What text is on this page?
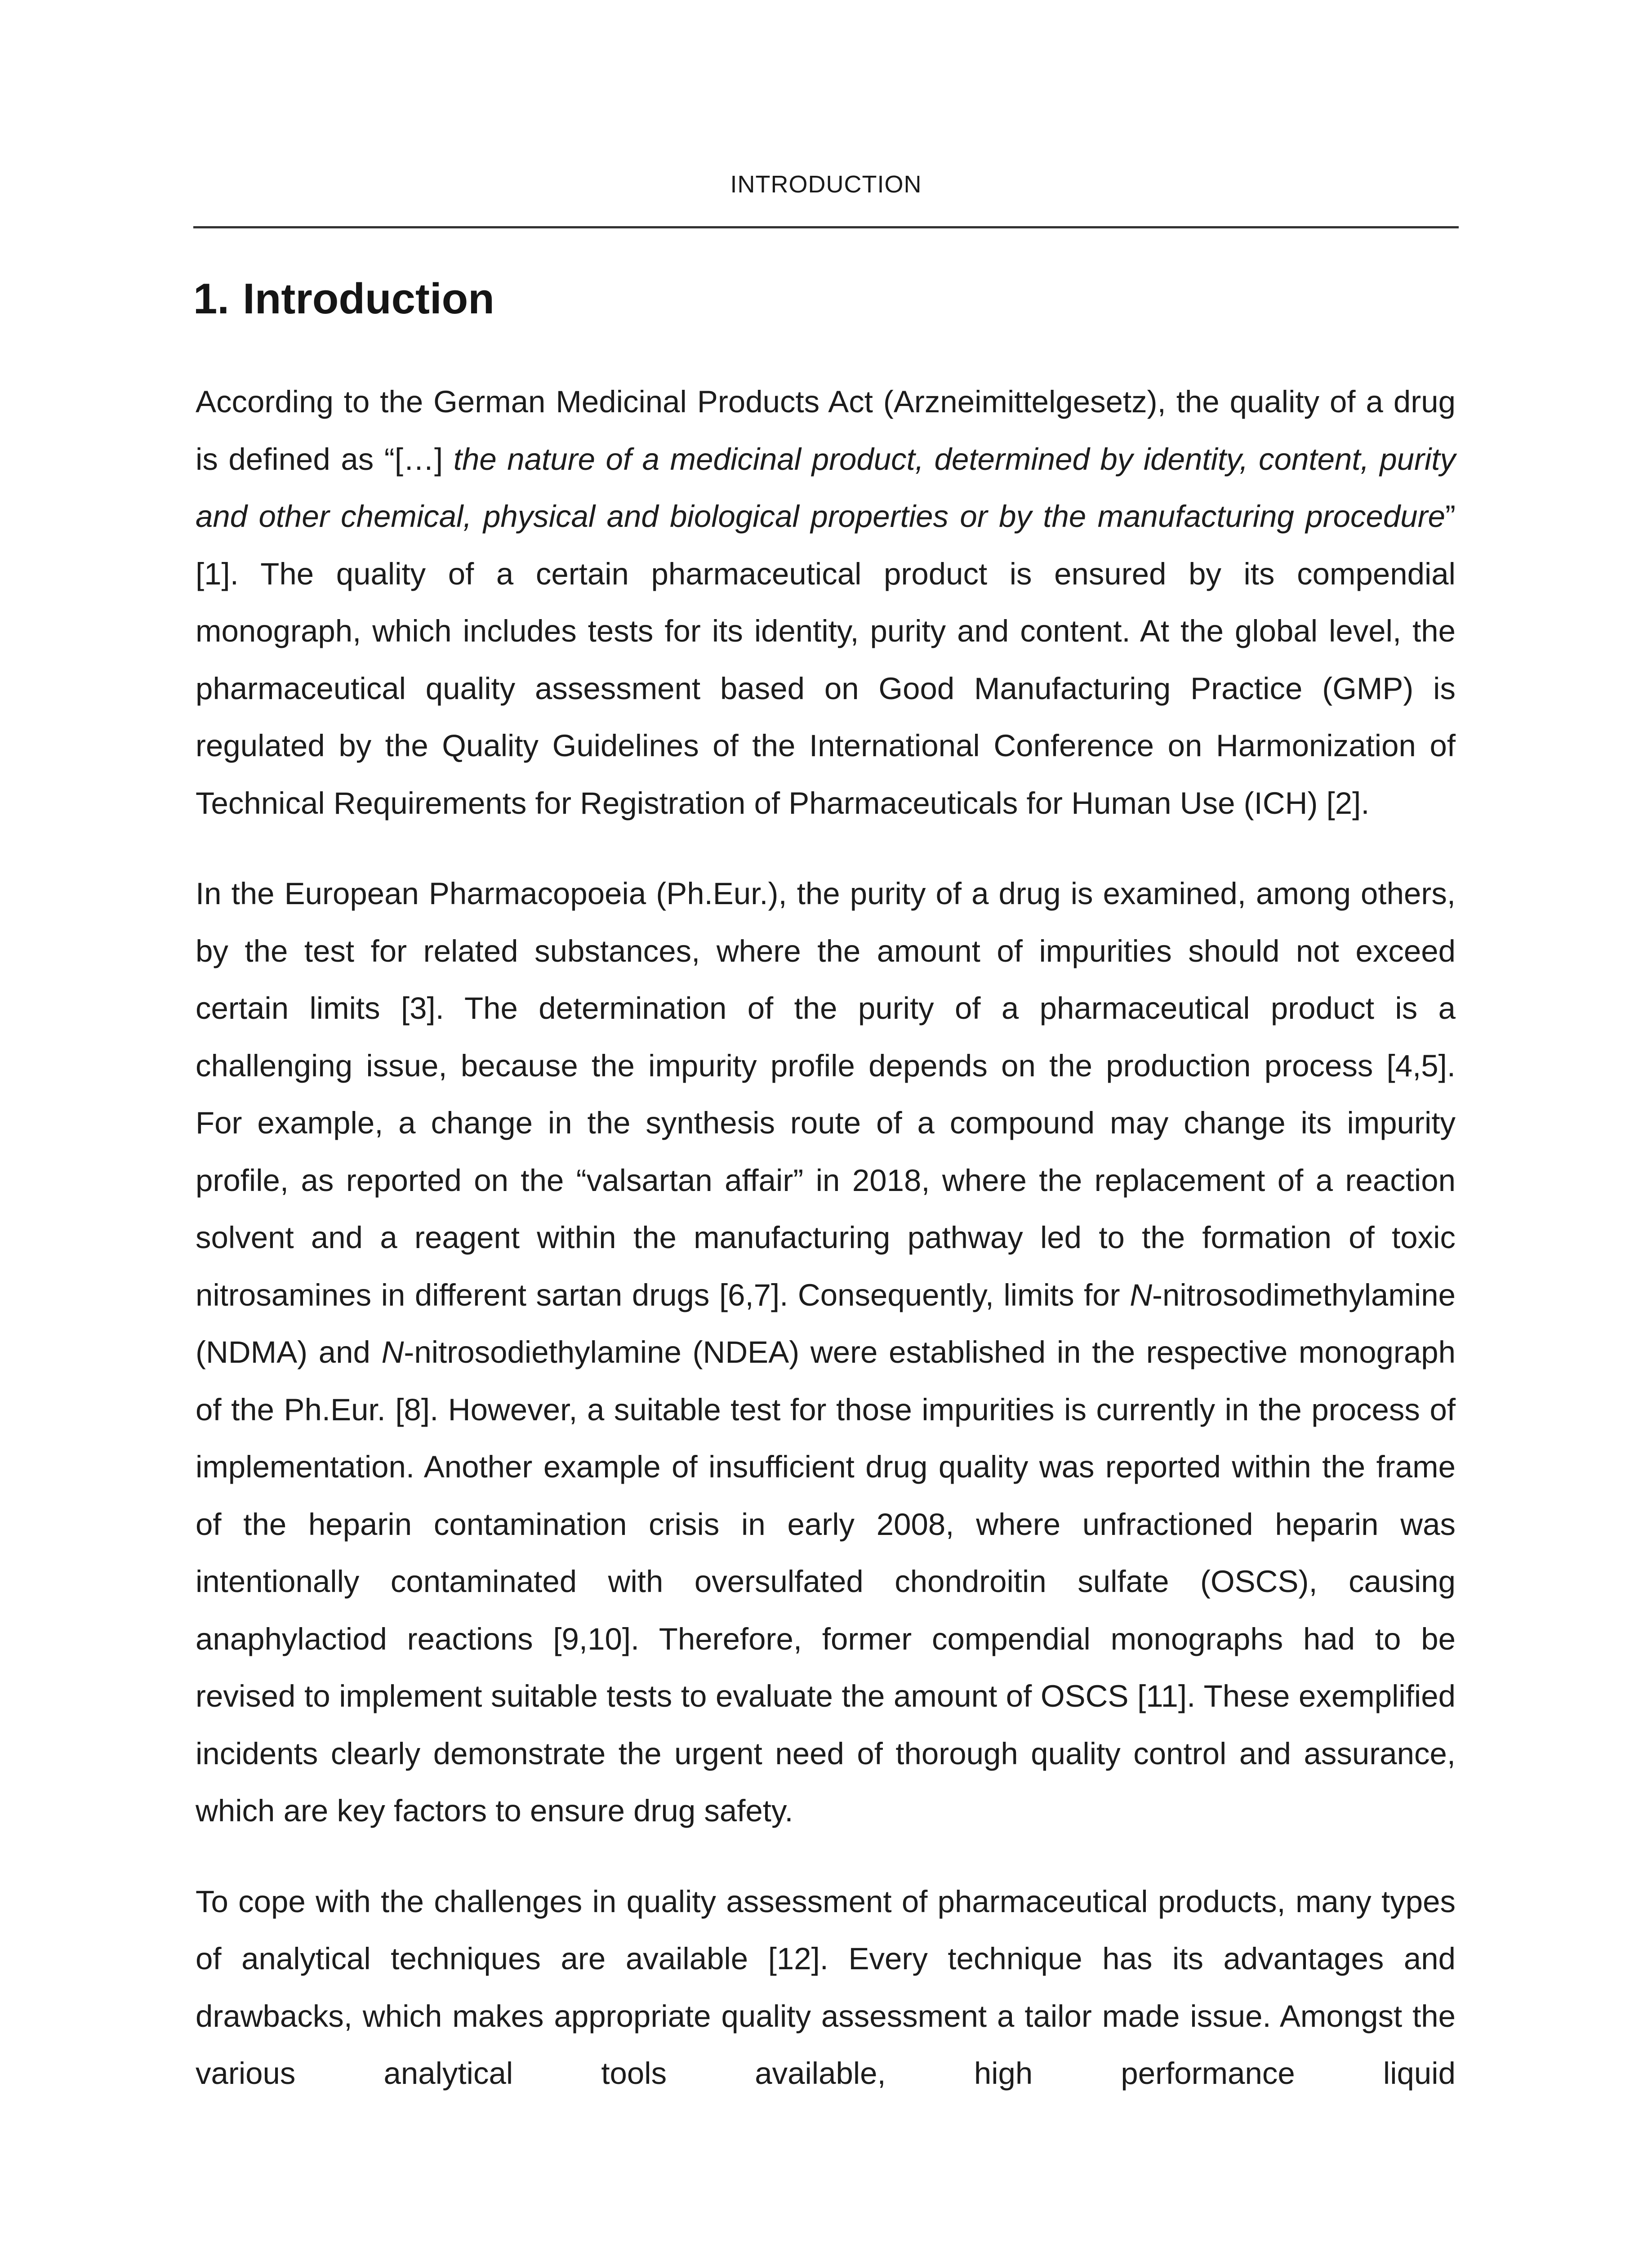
INTRODUCTION
1. Introduction

According to the German Medicinal Products Act (Arzneimittelgesetz), the quality of a drug is defined as “[…] the nature of a medicinal product, determined by identity, content, purity and other chemical, physical and biological properties or by the manufacturing procedure” [1]. The quality of a certain pharmaceutical product is ensured by its compendial monograph, which includes tests for its identity, purity and content. At the global level, the pharmaceutical quality assessment based on Good Manufacturing Practice (GMP) is regulated by the Quality Guidelines of the International Conference on Harmonization of Technical Requirements for Registration of Pharmaceuticals for Human Use (ICH) [2].

In the European Pharmacopoeia (Ph.Eur.), the purity of a drug is examined, among others, by the test for related substances, where the amount of impurities should not exceed certain limits [3]. The determination of the purity of a pharmaceutical product is a challenging issue, because the impurity profile depends on the production process [4,5]. For example, a change in the synthesis route of a compound may change its impurity profile, as reported on the “valsartan affair” in 2018, where the replacement of a reaction solvent and a reagent within the manufacturing pathway led to the formation of toxic nitrosamines in different sartan drugs [6,7]. Consequently, limits for N-nitrosodimethylamine (NDMA) and N-nitrosodiethylamine (NDEA) were established in the respective monograph of the Ph.Eur. [8]. However, a suitable test for those impurities is currently in the process of implementation. Another example of insufficient drug quality was reported within the frame of the heparin contamination crisis in early 2008, where unfractioned heparin was intentionally contaminated with oversulfated chondroitin sulfate (OSCS), causing anaphylactiod reactions [9,10]. Therefore, former compendial monographs had to be revised to implement suitable tests to evaluate the amount of OSCS [11]. These exemplified incidents clearly demonstrate the urgent need of thorough quality control and assurance, which are key factors to ensure drug safety.

To cope with the challenges in quality assessment of pharmaceutical products, many types of analytical techniques are available [12]. Every technique has its advantages and drawbacks, which makes appropriate quality assessment a tailor made issue. Amongst the various analytical tools available, high performance liquid
